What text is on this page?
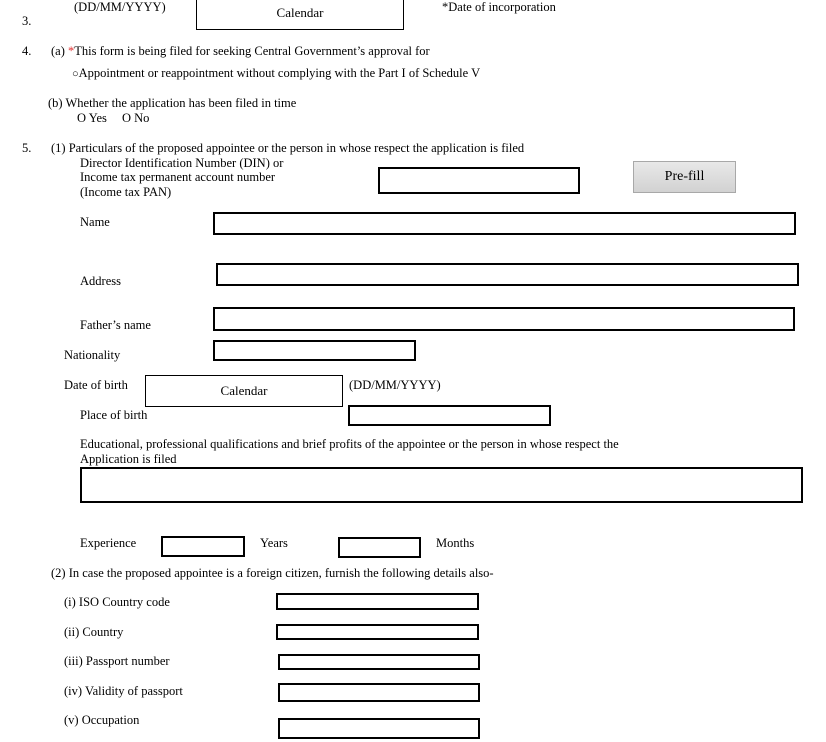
(DD/MM/YYYY)	Calendar	*Date of incorporation
3.
4. (a) *This form is being filed for seeking Central Government’s approval for
○Appointment or reappointment without complying with the Part I of Schedule V
(b) Whether the application has been filed in time
O Yes O No
5. (1) Particulars of the proposed appointee or the person in whose respect the application is filed
Director Identification Number (DIN) or
Income tax permanent account number
(Income tax PAN)
Pre-fill
Name
Address
Father’s name
Nationality
Date of birth	Calendar	(DD/MM/YYYY)
Place of birth
Educational, professional qualifications and brief profits of the appointee or the person in whose respect the
Application is filed
Experience	Years	Months
(2) In case the proposed appointee is a foreign citizen, furnish the following details also-
(i) ISO Country code
(ii) Country
(iii) Passport number
(iv) Validity of passport
(v) Occupation
